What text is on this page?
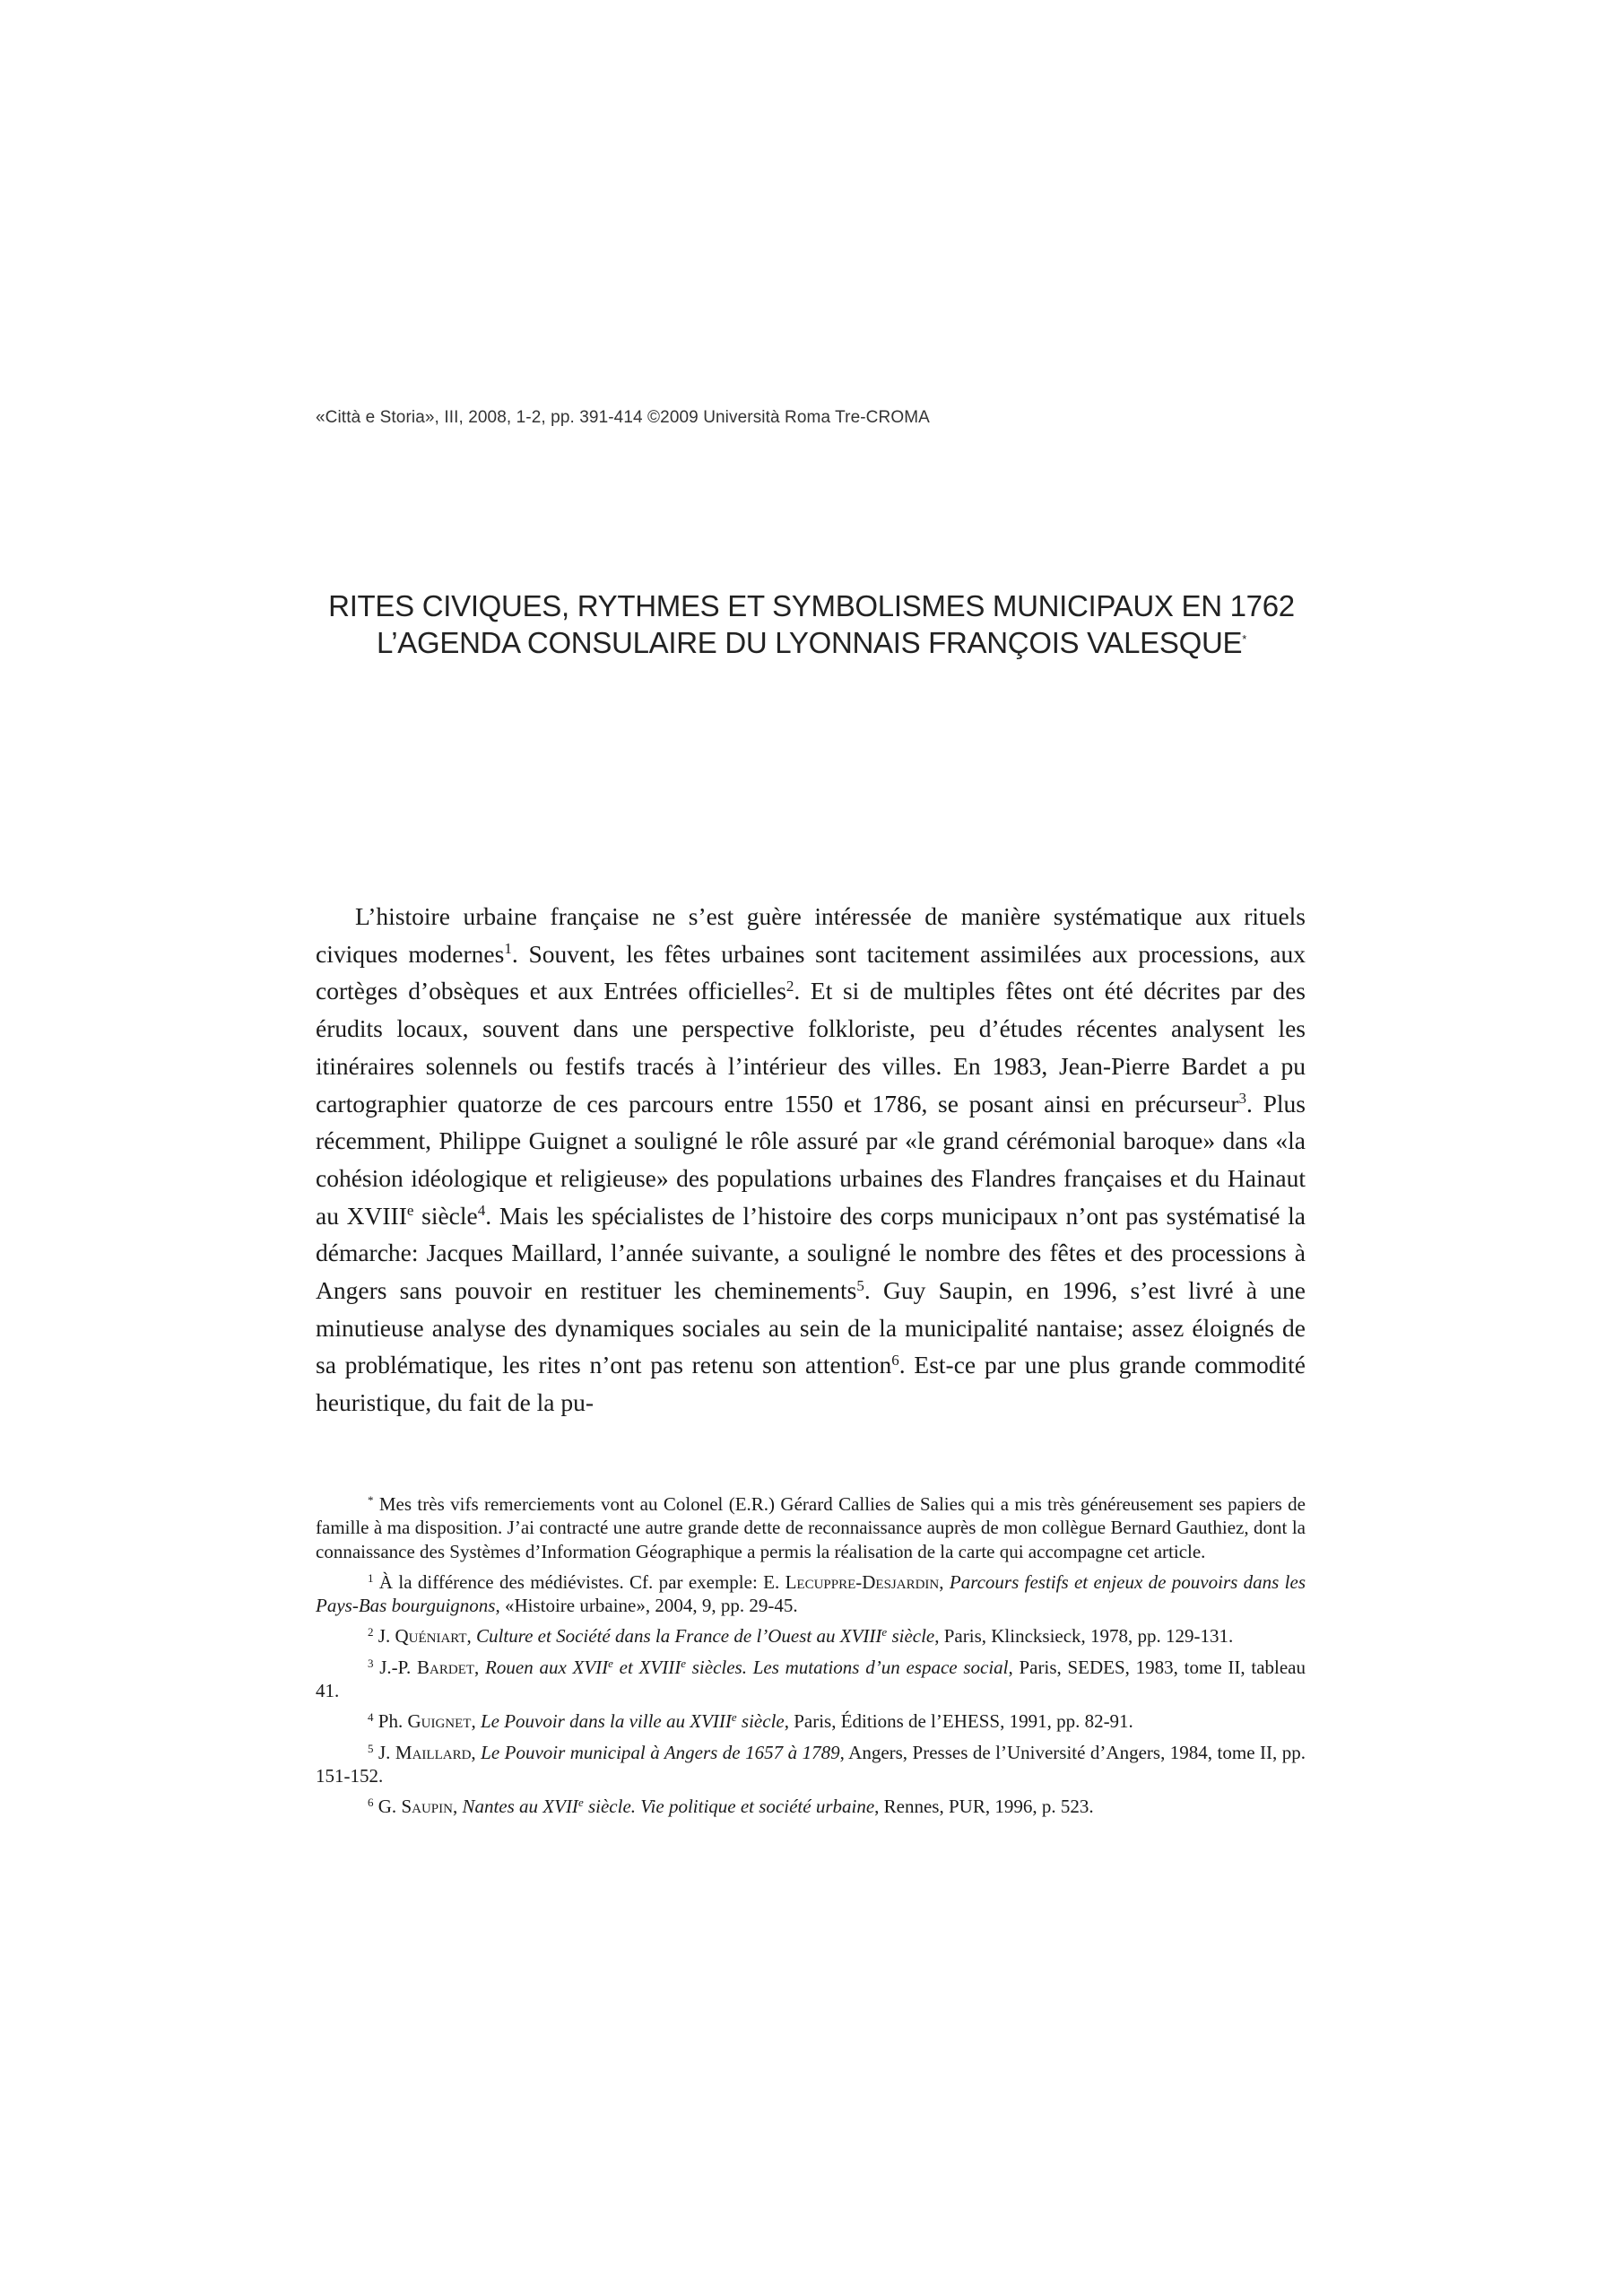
«Città e Storia», III, 2008, 1-2, pp. 391-414 ©2009 Università Roma Tre-CROMA
RITES CIVIQUES, RYTHMES ET SYMBOLISMES MUNICIPAUX EN 1762
L’AGENDA CONSULAIRE DU LYONNAIS FRANÇOIS VALESQUE*

L’histoire urbaine française ne s’est guère intéressée de manière systématique aux rituels civiques modernes$^1$. Souvent, les fêtes urbaines sont tacitement assimilées aux processions, aux cortèges d’obsèques et aux Entrées officielles$^2$. Et si de multiples fêtes ont été décrites par des érudits locaux, souvent dans une perspective folkloriste, peu d’études récentes analysent les itinéraires solennels ou festifs tracés à l’intérieur des villes. En 1983, Jean-Pierre Bardet a pu cartographier quatorze de ces parcours entre 1550 et 1786, se posant ainsi en précurseur$^3$. Plus récemment, Philippe Guignet a souligné le rôle assuré par «le grand cérémonial baroque» dans «la cohésion idéologique et religieuse» des populations urbaines des Flandres françaises et du Hainaut au XVIIIe siècle$^4$. Mais les spécialistes de l’histoire des corps municipaux n’ont pas systématisé la démarche: Jacques Maillard, l’année suivante, a souligné le nombre des fêtes et des processions à Angers sans pouvoir en restituer les cheminements$^5$. Guy Saupin, en 1996, s’est livré à une minutieuse analyse des dynamiques sociales au sein de la municipalité nantaise; assez éloignés de sa problématique, les rites n’ont pas retenu son attention$^6$. Est-ce par une plus grande commodité heuristique, du fait de la pu-

* Mes très vifs remerciements vont au Colonel (E.R.) Gérard Callies de Salies qui a mis très généreusement ses papiers de famille à ma disposition. J’ai contracté une autre grande dette de reconnaissance auprès de mon collègue Bernard Gauthiez, dont la connaissance des Systèmes d’Information Géographique a permis la réalisation de la carte qui accompagne cet article.

$^1$ À la différence des médiévistes. Cf. par exemple: E. Lecuppre-Desjardin, Parcours festifs et enjeux de pouvoirs dans les Pays-Bas bourguignons, «Histoire urbaine», 2004, 9, pp. 29-45.

$^2$ J. Quéniart, Culture et Société dans la France de l’Ouest au XVIIIe siècle, Paris, Klincksieck, 1978, pp. 129-131.

$^3$ J.-P. Bardet, Rouen aux XVIIe et XVIIIe siècles. Les mutations d’un espace social, Paris, SEDES, 1983, tome II, tableau 41.

$^4$ Ph. Guignet, Le Pouvoir dans la ville au XVIIIe siècle, Paris, Éditions de l’EHESS, 1991, pp. 82-91.

$^5$ J. Maillard, Le Pouvoir municipal à Angers de 1657 à 1789, Angers, Presses de l’Université d’Angers, 1984, tome II, pp. 151-152.

$^6$ G. Saupin, Nantes au XVIIe siècle. Vie politique et société urbaine, Rennes, PUR, 1996, p. 523.
